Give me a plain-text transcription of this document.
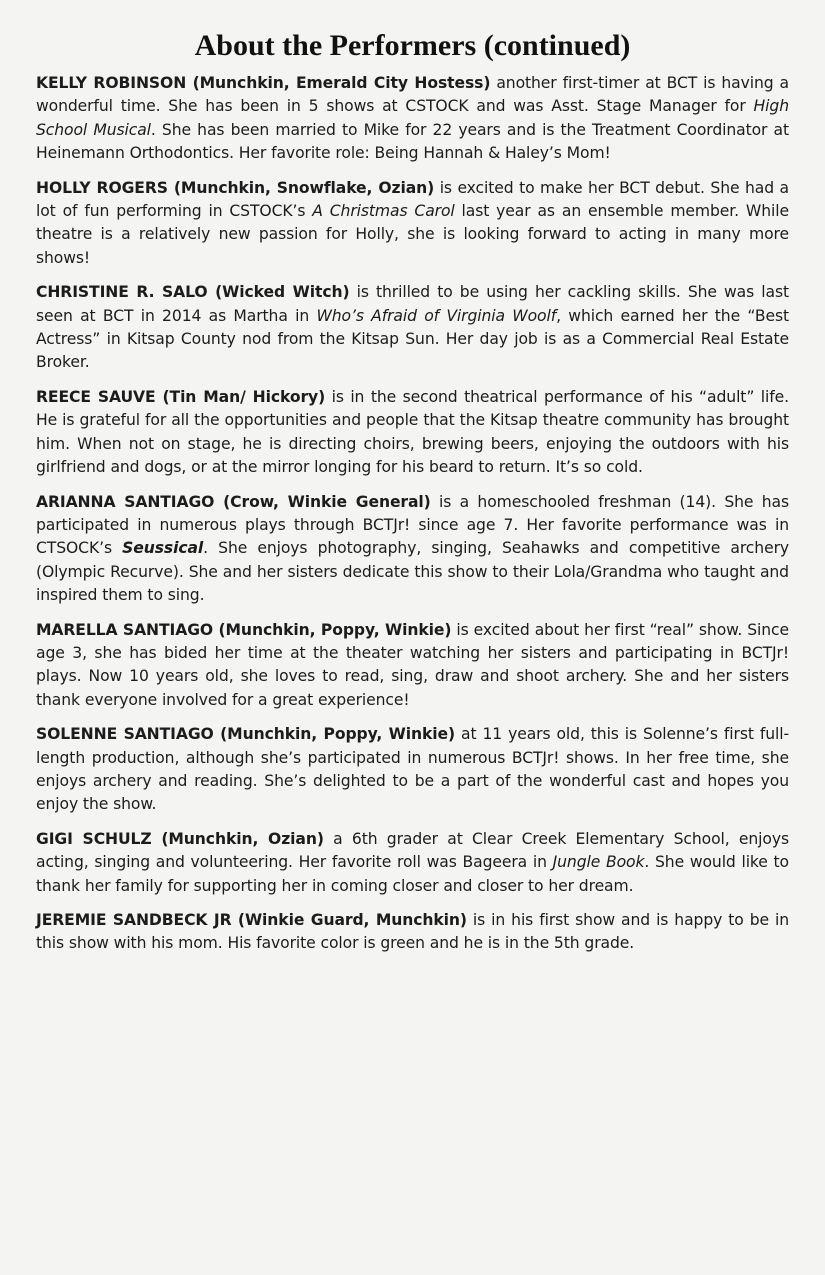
About the Performers (continued)

KELLY ROBINSON (Munchkin, Emerald City Hostess) another first-timer at BCT is having a wonderful time. She has been in 5 shows at CSTOCK and was Asst. Stage Manager for High School Musical. She has been married to Mike for 22 years and is the Treatment Coordinator at Heinemann Orthodontics. Her favorite role: Being Hannah & Haley’s Mom!

HOLLY ROGERS (Munchkin, Snowflake, Ozian) is excited to make her BCT debut. She had a lot of fun performing in CSTOCK’s A Christmas Carol last year as an ensemble member. While theatre is a relatively new passion for Holly, she is looking forward to acting in many more shows!

CHRISTINE R. SALO (Wicked Witch) is thrilled to be using her cackling skills. She was last seen at BCT in 2014 as Martha in Who’s Afraid of Virginia Woolf, which earned her the “Best Actress” in Kitsap County nod from the Kitsap Sun. Her day job is as a Commercial Real Estate Broker.

REECE SAUVE (Tin Man/ Hickory) is in the second theatrical performance of his “adult” life. He is grateful for all the opportunities and people that the Kitsap theatre community has brought him. When not on stage, he is directing choirs, brewing beers, enjoying the outdoors with his girlfriend and dogs, or at the mirror longing for his beard to return. It’s so cold.

ARIANNA SANTIAGO (Crow, Winkie General) is a homeschooled freshman (14). She has participated in numerous plays through BCTJr! since age 7. Her favorite performance was in CTSOCK’s Seussical. She enjoys photography, singing, Seahawks and competitive archery (Olympic Recurve). She and her sisters dedicate this show to their Lola/Grandma who taught and inspired them to sing.

MARELLA SANTIAGO (Munchkin, Poppy, Winkie) is excited about her first “real” show. Since age 3, she has bided her time at the theater watching her sisters and participating in BCTJr! plays. Now 10 years old, she loves to read, sing, draw and shoot archery. She and her sisters thank everyone involved for a great experience!

SOLENNE SANTIAGO (Munchkin, Poppy, Winkie) at 11 years old, this is Solenne’s first full-length production, although she’s participated in numerous BCTJr! shows. In her free time, she enjoys archery and reading. She’s delighted to be a part of the wonderful cast and hopes you enjoy the show.

GIGI SCHULZ (Munchkin, Ozian) a 6th grader at Clear Creek Elementary School, enjoys acting, singing and volunteering. Her favorite roll was Bageera in Jungle Book. She would like to thank her family for supporting her in coming closer and closer to her dream.

JEREMIE SANDBECK JR (Winkie Guard, Munchkin) is in his first show and is happy to be in this show with his mom. His favorite color is green and he is in the 5th grade.
